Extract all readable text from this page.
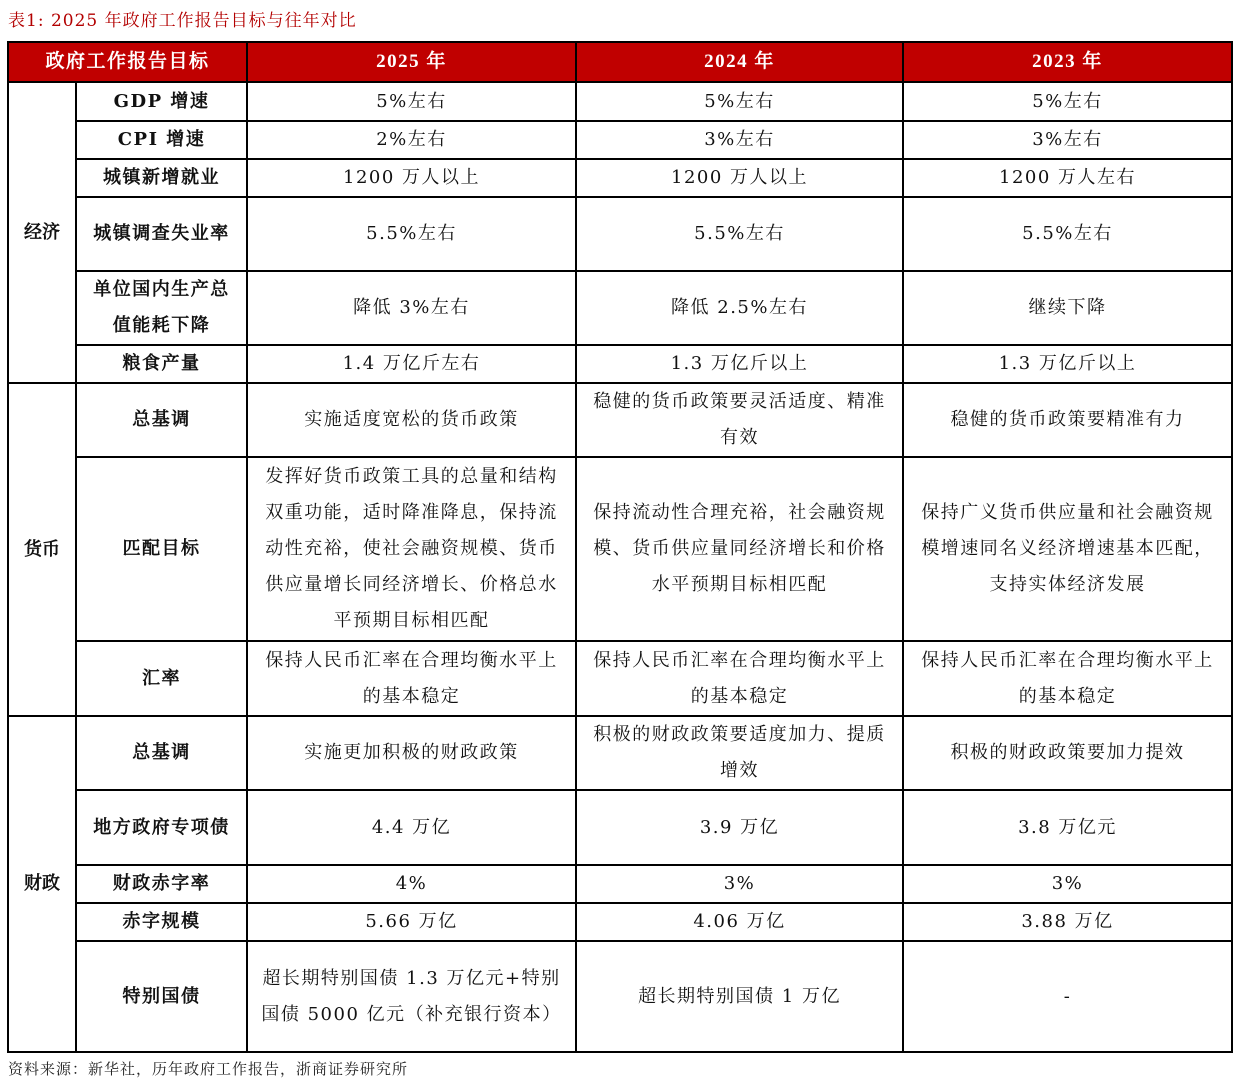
表1: 2025 年政府工作报告目标与往年对比
政府工作报告目标		2025 年	2024 年	2023 年
经济	GDP 增速	5%左右	5%左右	5%左右
	CPI 增速	2%左右	3%左右	3%左右
	城镇新增就业	1200 万人以上	1200 万人以上	1200 万人左右
	城镇调查失业率	5.5%左右	5.5%左右	5.5%左右
	单位国内生产总值能耗下降	降低 3%左右	降低 2.5%左右	继续下降
	粮食产量	1.4 万亿斤左右	1.3 万亿斤以上	1.3 万亿斤以上
货币	总基调	实施适度宽松的货币政策	稳健的货币政策要灵活适度、精准有效	稳健的货币政策要精准有力
	匹配目标	发挥好货币政策工具的总量和结构双重功能，适时降准降息，保持流动性充裕，使社会融资规模、货币供应量增长同经济增长、价格总水平预期目标相匹配	保持流动性合理充裕，社会融资规模、货币供应量同经济增长和价格水平预期目标相匹配	保持广义货币供应量和社会融资规模增速同名义经济增速基本匹配，支持实体经济发展
	汇率	保持人民币汇率在合理均衡水平上的基本稳定	保持人民币汇率在合理均衡水平上的基本稳定	保持人民币汇率在合理均衡水平上的基本稳定
财政	总基调	实施更加积极的财政政策	积极的财政政策要适度加力、提质增效	积极的财政政策要加力提效
	地方政府专项债	4.4 万亿	3.9 万亿	3.8 万亿元
	财政赤字率	4%	3%	3%
	赤字规模	5.66 万亿	4.06 万亿	3.88 万亿
	特别国债	超长期特别国债 1.3 万亿元+特别国债 5000 亿元（补充银行资本）	超长期特别国债 1 万亿	-
资料来源：新华社，历年政府工作报告，浙商证券研究所
